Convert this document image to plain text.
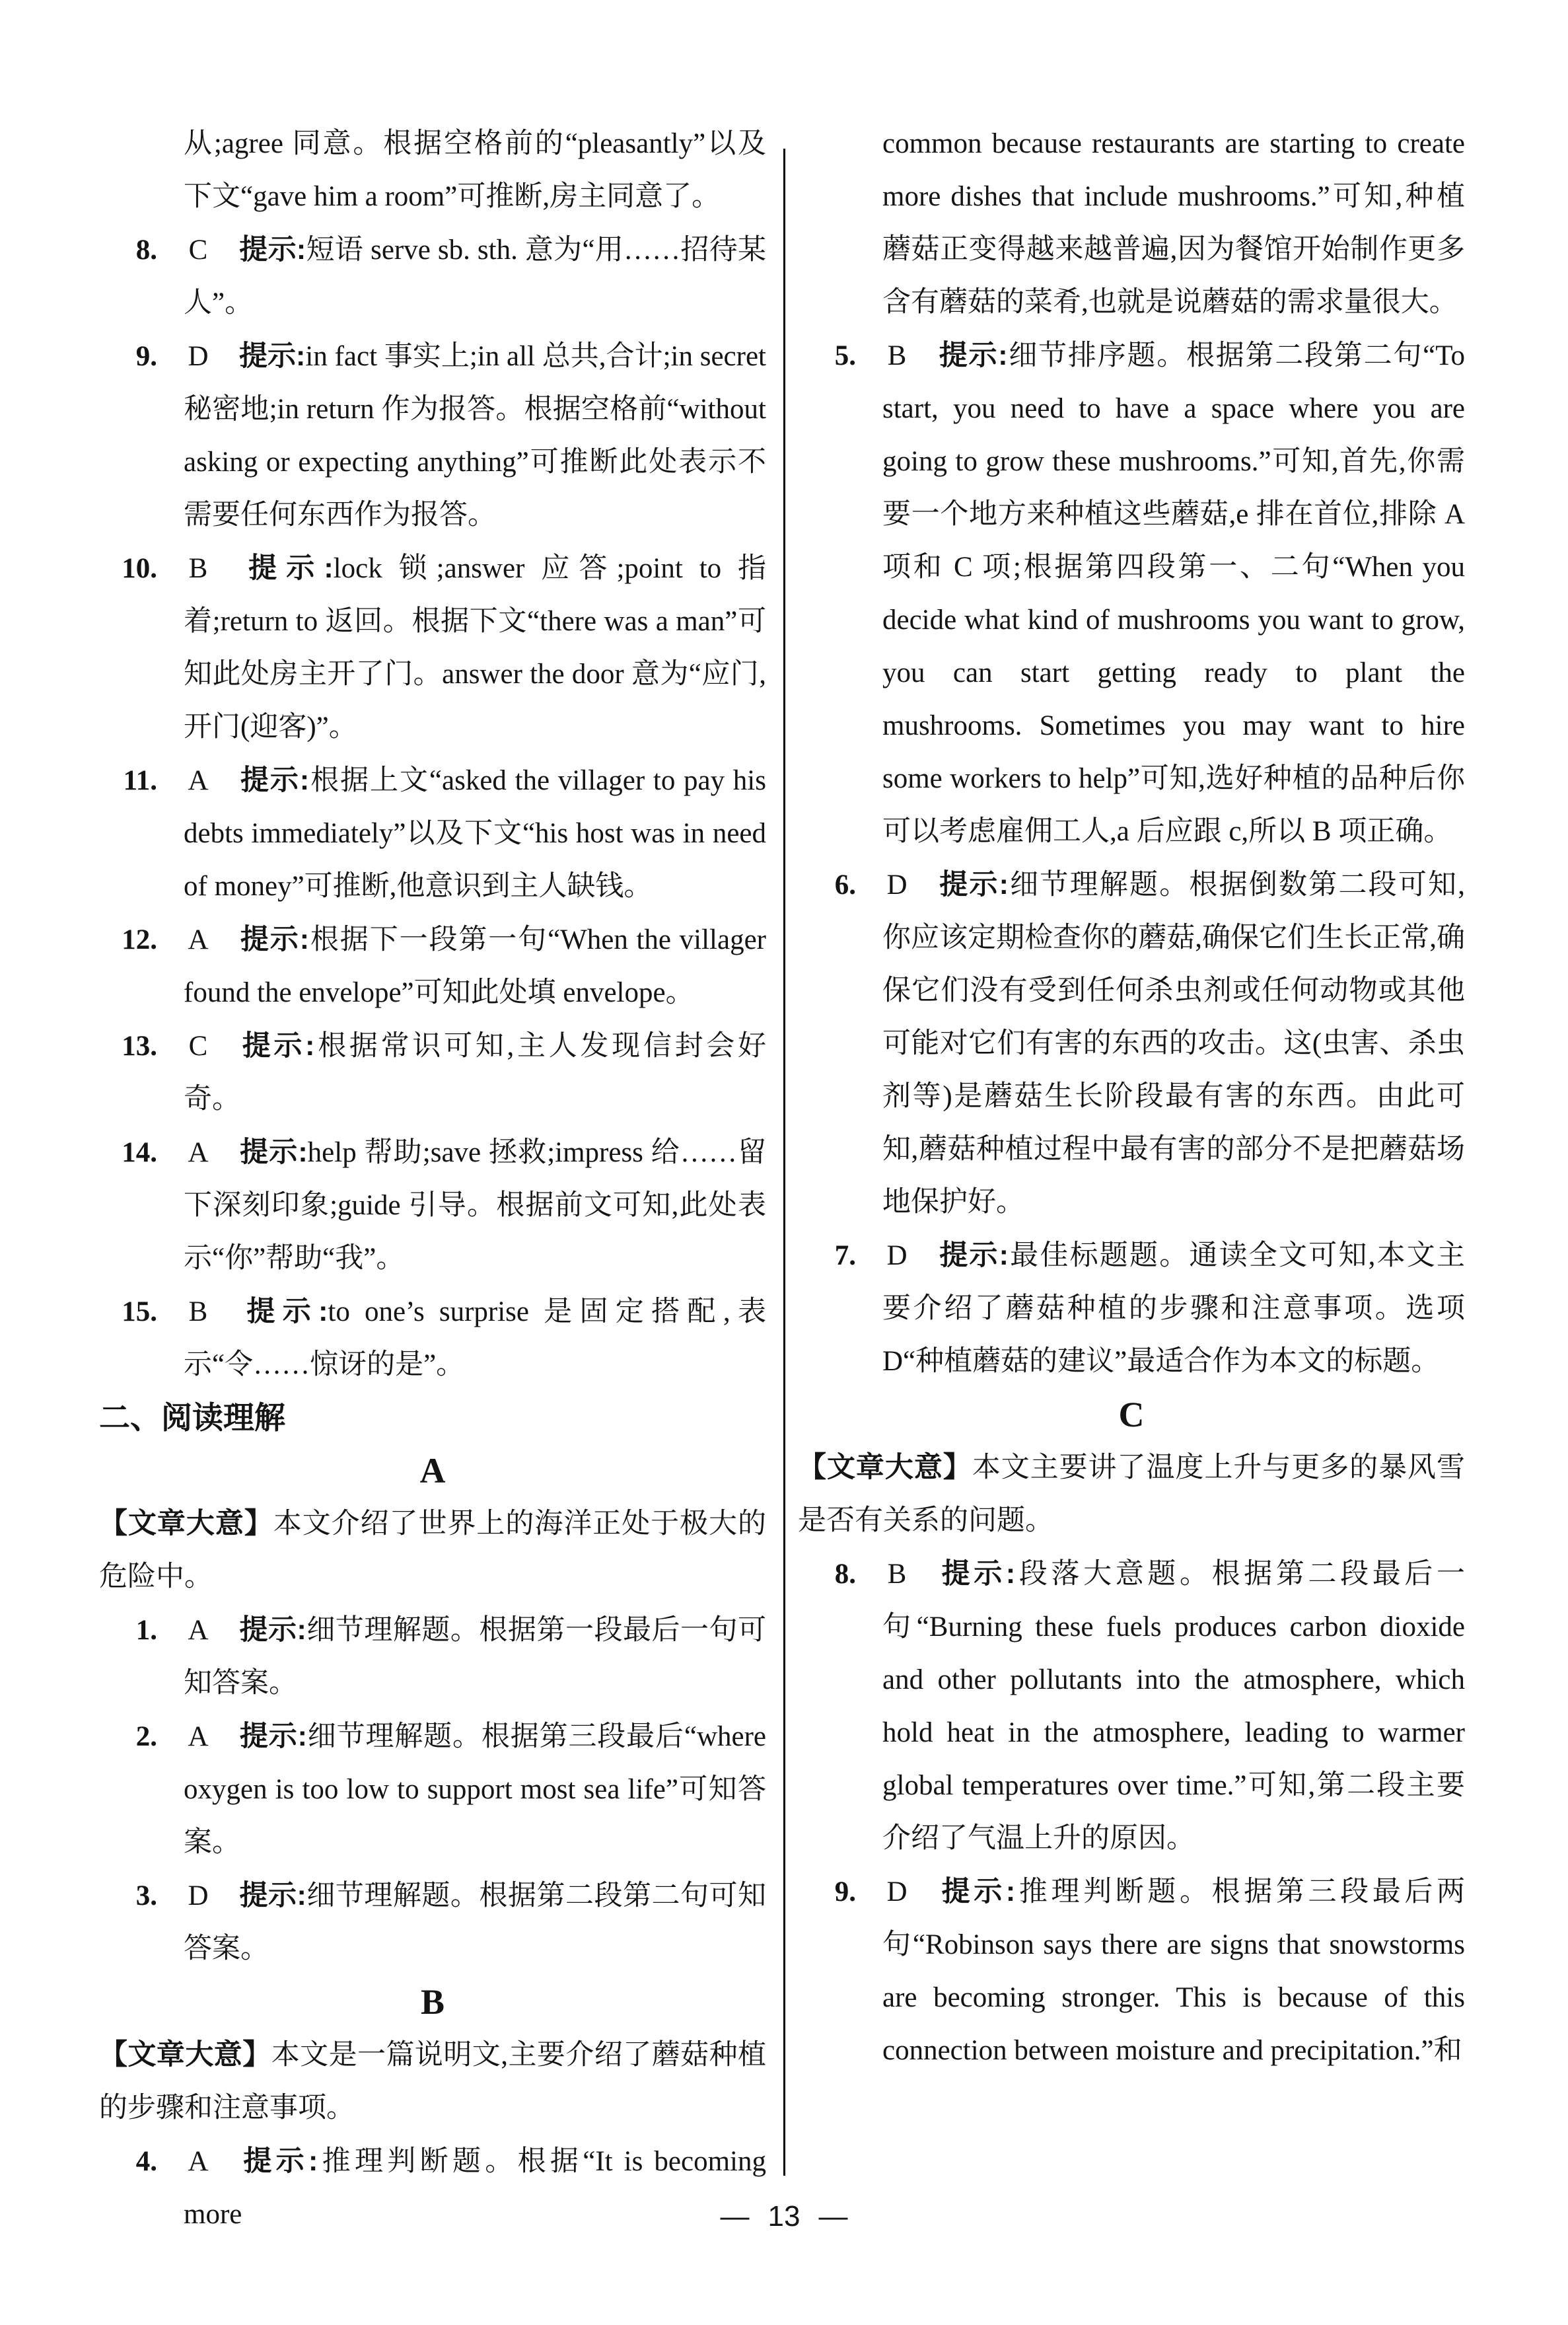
从;agree 同意。根据空格前的“pleasantly”以及下文“gave him a room”可推断,房主同意了。
8. C 提示:短语 serve sb. sth. 意为“用……招待某人”。
9. D 提示:in fact 事实上;in all 总共,合计;in secret 秘密地;in return 作为报答。根据空格前“without asking or expecting anything”可推断此处表示不需要任何东西作为报答。
10. B 提示:lock 锁;answer 应答;point to 指着;return to 返回。根据下文“there was a man”可知此处房主开了门。answer the door 意为“应门,开门(迎客)”。
11. A 提示:根据上文“asked the villager to pay his debts immediately”以及下文“his host was in need of money”可推断,他意识到主人缺钱。
12. A 提示:根据下一段第一句“When the villager found the envelope”可知此处填 envelope。
13. C 提示:根据常识可知,主人发现信封会好奇。
14. A 提示:help 帮助;save 拯救;impress 给……留下深刻印象;guide 引导。根据前文可知,此处表示“你”帮助“我”。
15. B 提示:to one’s surprise 是固定搭配,表示“令……惊讶的是”。
二、阅读理解
A
【文章大意】本文介绍了世界上的海洋正处于极大的危险中。
1. A 提示:细节理解题。根据第一段最后一句可知答案。
2. A 提示:细节理解题。根据第三段最后“where oxygen is too low to support most sea life”可知答案。
3. D 提示:细节理解题。根据第二段第二句可知答案。
B
【文章大意】本文是一篇说明文,主要介绍了蘑菇种植的步骤和注意事项。
4. A 提示:推理判断题。根据“It is becoming more
common because restaurants are starting to create more dishes that include mushrooms.”可知,种植蘑菇正变得越来越普遍,因为餐馆开始制作更多含有蘑菇的菜肴,也就是说蘑菇的需求量很大。
5. B 提示:细节排序题。根据第二段第二句“To start, you need to have a space where you are going to grow these mushrooms.”可知,首先,你需要一个地方来种植这些蘑菇,e 排在首位,排除 A 项和 C 项;根据第四段第一、二句“When you decide what kind of mushrooms you want to grow, you can start getting ready to plant the mushrooms. Sometimes you may want to hire some workers to help”可知,选好种植的品种后你可以考虑雇佣工人,a 后应跟 c,所以 B 项正确。
6. D 提示:细节理解题。根据倒数第二段可知,你应该定期检查你的蘑菇,确保它们生长正常,确保它们没有受到任何杀虫剂或任何动物或其他可能对它们有害的东西的攻击。这(虫害、杀虫剂等)是蘑菇生长阶段最有害的东西。由此可知,蘑菇种植过程中最有害的部分不是把蘑菇场地保护好。
7. D 提示:最佳标题题。通读全文可知,本文主要介绍了蘑菇种植的步骤和注意事项。选项 D“种植蘑菇的建议”最适合作为本文的标题。
C
【文章大意】本文主要讲了温度上升与更多的暴风雪是否有关系的问题。
8. B 提示:段落大意题。根据第二段最后一句“Burning these fuels produces carbon dioxide and other pollutants into the atmosphere, which hold heat in the atmosphere, leading to warmer global temperatures over time.”可知,第二段主要介绍了气温上升的原因。
9. D 提示:推理判断题。根据第三段最后两句“Robinson says there are signs that snowstorms are becoming stronger. This is because of this connection between moisture and precipitation.”和
— 13 —
